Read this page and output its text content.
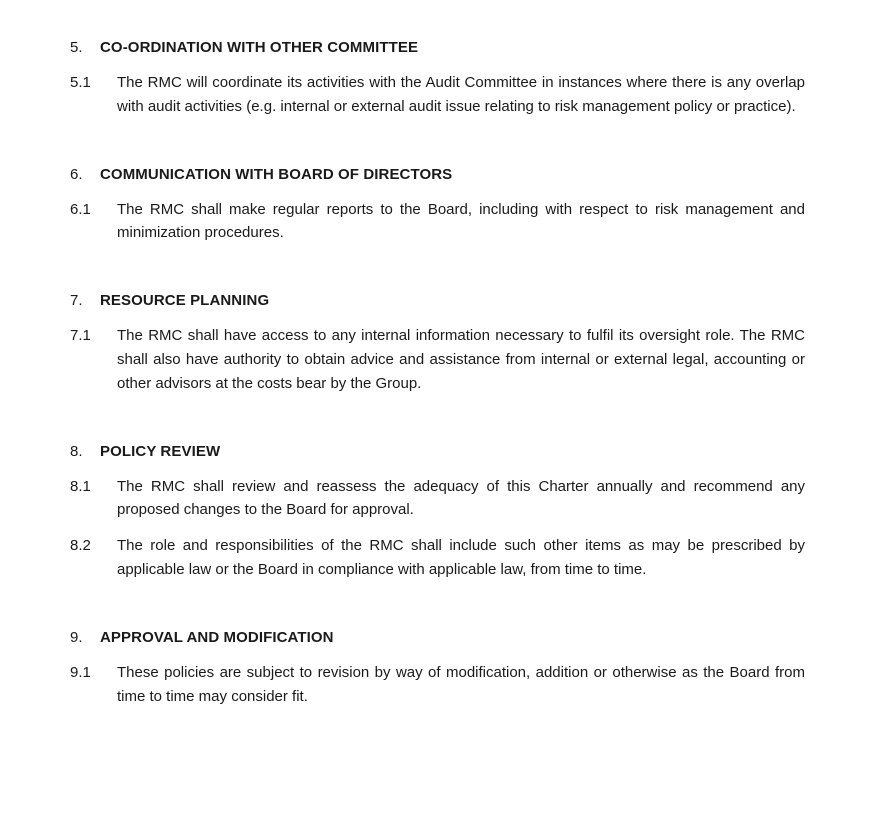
5.	CO-ORDINATION WITH OTHER COMMITTEE
5.1	The RMC will coordinate its activities with the Audit Committee in instances where there is any overlap with audit activities (e.g. internal or external audit issue relating to risk management policy or practice).

6.	COMMUNICATION WITH BOARD OF DIRECTORS
6.1	The RMC shall make regular reports to the Board, including with respect to risk management and minimization procedures.

7.	RESOURCE PLANNING
7.1	The RMC shall have access to any internal information necessary to fulfil its oversight role. The RMC shall also have authority to obtain advice and assistance from internal or external legal, accounting or other advisors at the costs bear by the Group.

8.	POLICY REVIEW
8.1	The RMC shall review and reassess the adequacy of this Charter annually and recommend any proposed changes to the Board for approval.

8.2	The role and responsibilities of the RMC shall include such other items as may be prescribed by applicable law or the Board in compliance with applicable law, from time to time.

9.	APPROVAL AND MODIFICATION
9.1	These policies are subject to revision by way of modification, addition or otherwise as the Board from time to time may consider fit.
